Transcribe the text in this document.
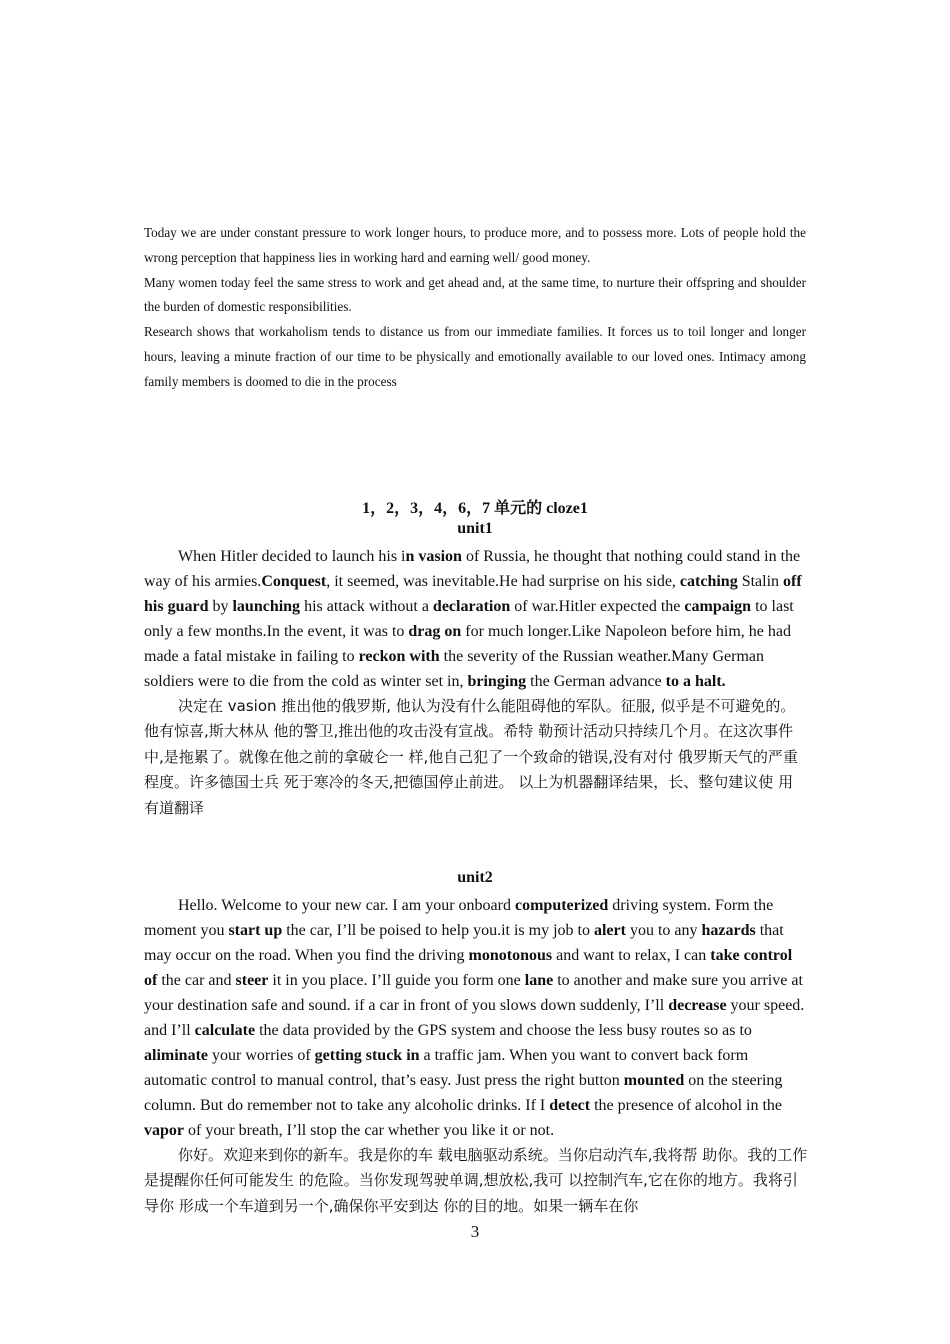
Today we are under constant pressure to work longer hours, to produce more, and to possess more. Lots of people hold the wrong perception that happiness lies in working hard and earning well/ good money.

Many women today feel the same stress to work and get ahead and, at the same time, to nurture their offspring and shoulder the burden of domestic responsibilities.

Research shows that workaholism tends to distance us from our immediate families. It forces us to toil longer and longer hours, leaving a minute fraction of our time to be physically and emotionally available to our loved ones. Intimacy among family members is doomed to die in the process

1，2，3，4，6，7 单元的 cloze1
unit1

When Hitler decided to launch his in vasion of Russia, he thought that nothing could stand in the way of his armies.Conquest, it seemed, was inevitable.He had surprise on his side, catching Stalin off his guard by launching his attack without a declaration of war.Hitler expected the campaign to last only a few months.In the event, it was to drag on for much longer.Like Napoleon before him, he had made a fatal mistake in failing to reckon with the severity of the Russian weather.Many German soldiers were to die from the cold as winter set in, bringing the German advance to a halt.

决定在 vasion 推出他的俄罗斯, 他认为没有什么能阻碍他的军队。征服, 似乎是不可避免的。他有惊喜,斯大林从 他的警卫,推出他的攻击没有宣战。希特 勒预计活动只持续几个月。在这次事件 中,是拖累了。就像在他之前的拿破仑一 样,他自己犯了一个致命的错误,没有对付 俄罗斯天气的严重程度。许多德国士兵 死于寒冷的冬天,把德国停止前进。 以上为机器翻译结果，长、整句建议使 用有道翻译

unit2

Hello. Welcome to your new car. I am your onboard computerized driving system. Form the moment you start up the car, I’ll be poised to help you.it is my job to alert you to any hazards that may occur on the road. When you find the driving monotonous and want to relax, I can take control of the car and steer it in you place. I’ll guide you form one lane to another and make sure you arrive at your destination safe and sound. if a car in front of you slows down suddenly, I’ll decrease your speed. and I’ll calculate the data provided by the GPS system and choose the less busy routes so as to aliminate your worries of getting stuck in a traffic jam. When you want to convert back form automatic control to manual control, that’s easy. Just press the right button mounted on the steering column. But do remember not to take any alcoholic drinks. If I detect the presence of alcohol in the vapor of your breath, I’ll stop the car whether you like it or not.

你好。欢迎来到你的新车。我是你的车 载电脑驱动系统。当你启动汽车,我将帮 助你。我的工作是提醒你任何可能发生 的危险。当你发现驾驶单调,想放松,我可 以控制汽车,它在你的地方。我将引导你 形成一个车道到另一个,确保你平安到达 你的目的地。如果一辆车在你

3
